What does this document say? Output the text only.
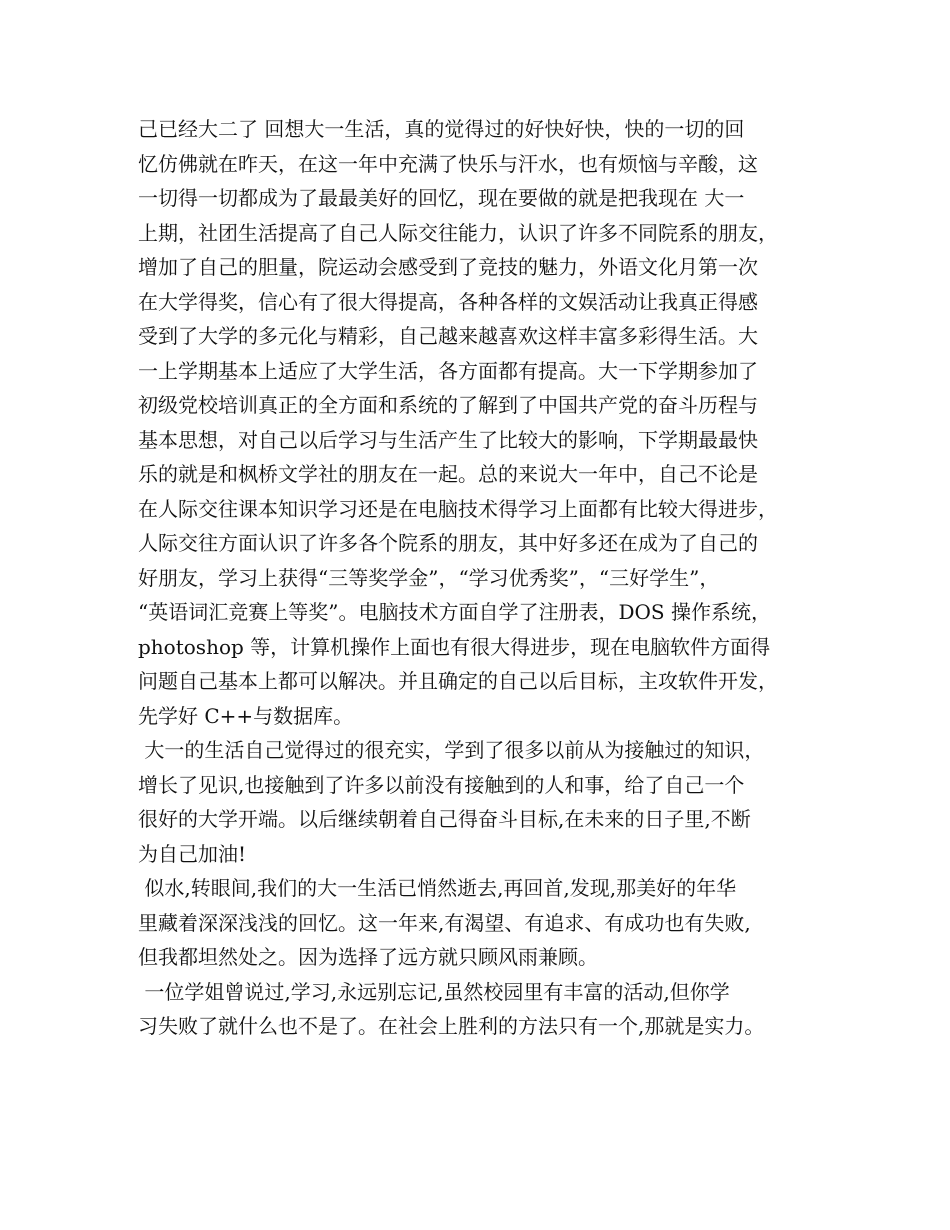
己已经大二了 回想大一生活，真的觉得过的好快好快，快的一切的回
忆仿佛就在昨天，在这一年中充满了快乐与汗水，也有烦恼与辛酸，这
一切得一切都成为了最最美好的回忆，现在要做的就是把我现在 大一
上期，社团生活提高了自己人际交往能力，认识了许多不同院系的朋友，
增加了自己的胆量，院运动会感受到了竞技的魅力，外语文化月第一次
在大学得奖，信心有了很大得提高，各种各样的文娱活动让我真正得感
受到了大学的多元化与精彩，自己越来越喜欢这样丰富多彩得生活。大
一上学期基本上适应了大学生活，各方面都有提高。大一下学期参加了
初级党校培训真正的全方面和系统的了解到了中国共产党的奋斗历程与
基本思想，对自己以后学习与生活产生了比较大的影响，下学期最最快
乐的就是和枫桥文学社的朋友在一起。总的来说大一年中，自己不论是
在人际交往课本知识学习还是在电脑技术得学习上面都有比较大得进步，
人际交往方面认识了许多各个院系的朋友，其中好多还在成为了自己的
好朋友，学习上获得“三等奖学金”，“学习优秀奖”，“三好学生”，
“英语词汇竞赛上等奖”。电脑技术方面自学了注册表，DOS 操作系统，
photoshop 等，计算机操作上面也有很大得进步，现在电脑软件方面得
问题自己基本上都可以解决。并且确定的自己以后目标，主攻软件开发，
先学好 C++与数据库。
大一的生活自己觉得过的很充实，学到了很多以前从为接触过的知识，
增长了见识,也接触到了许多以前没有接触到的人和事，给了自己一个
很好的大学开端。以后继续朝着自己得奋斗目标,在未来的日子里,不断
为自己加油!
似水,转眼间,我们的大一生活已悄然逝去,再回首,发现,那美好的年华
里藏着深深浅浅的回忆。这一年来,有渴望、有追求、有成功也有失败,
但我都坦然处之。因为选择了远方就只顾风雨兼顾。
一位学姐曾说过,学习,永远别忘记,虽然校园里有丰富的活动,但你学
习失败了就什么也不是了。在社会上胜利的方法只有一个,那就是实力。
